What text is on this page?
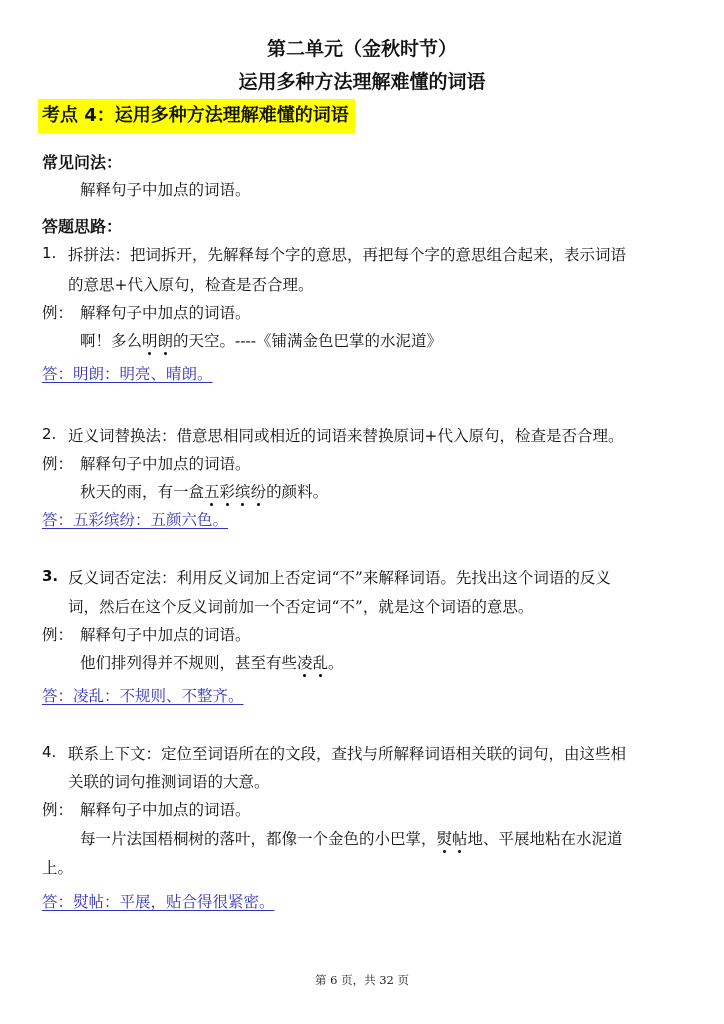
第二单元（金秋时节）
运用多种方法理解难懂的词语
考点 4：运用多种方法理解难懂的词语
常见问法：
解释句子中加点的词语。
答题思路：
1. 拆拼法：把词拆开，先解释每个字的意思，再把每个字的意思组合起来，表示词语
的意思+代入原句，检查是否合理。
例： 解释句子中加点的词语。
啊！多么明朗的天空。----《铺满金色巴掌的水泥道》
答：明朗：明亮、晴朗。
2. 近义词替换法：借意思相同或相近的词语来替换原词+代入原句，检查是否合理。
例： 解释句子中加点的词语。
秋天的雨，有一盒五彩缤纷的颜料。
答：五彩缤纷：五颜六色。
3. 反义词否定法：利用反义词加上否定词“不”来解释词语。先找出这个词语的反义
词，然后在这个反义词前加一个否定词“不”，就是这个词语的意思。
例： 解释句子中加点的词语。
他们排列得并不规则，甚至有些凌乱。
答：凌乱：不规则、不整齐。
4. 联系上下文：定位至词语所在的文段，查找与所解释词语相关联的词句，由这些相
关联的词句推测词语的大意。
例： 解释句子中加点的词语。
每一片法国梧桐树的落叶，都像一个金色的小巴掌，熨帖地、平展地粘在水泥道
上。
答：熨帖：平展，贴合得很紧密。
第 6 页，共 32 页
